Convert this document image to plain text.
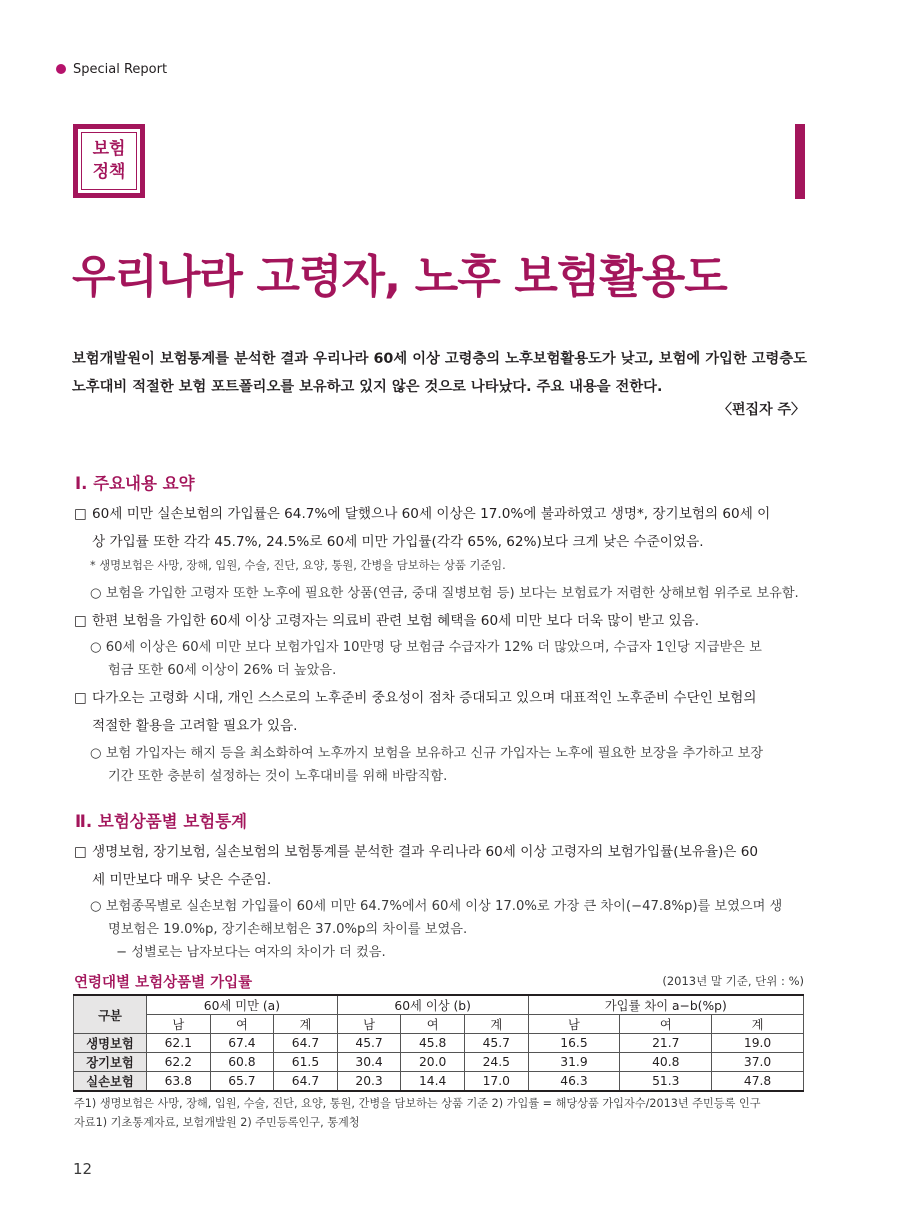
Special Report
보험
정책
우리나라 고령자, 노후 보험활용도
보험개발원이 보험통계를 분석한 결과 우리나라 60세 이상 고령층의 노후보험활용도가 낮고, 보험에 가입한 고령층도 노후대비 적절한 보험 포트폴리오를 보유하고 있지 않은 것으로 나타났다. 주요 내용을 전한다.
〈편집자 주〉
Ⅰ. 주요내용 요약
□ 60세 미만 실손보험의 가입률은 64.7%에 달했으나 60세 이상은 17.0%에 불과하였고 생명*, 장기보험의 60세 이
상 가입률 또한 각각 45.7%, 24.5%로 60세 미만 가입률(각각 65%, 62%)보다 크게 낮은 수준이었음.
* 생명보험은 사망, 장해, 입원, 수술, 진단, 요양, 통원, 간병을 담보하는 상품 기준임.
○ 보험을 가입한 고령자 또한 노후에 필요한 상품(연금, 중대 질병보험 등) 보다는 보험료가 저렴한 상해보험 위주로 보유함.
□ 한편 보험을 가입한 60세 이상 고령자는 의료비 관련 보험 혜택을 60세 미만 보다 더욱 많이 받고 있음.
○ 60세 이상은 60세 미만 보다 보험가입자 10만명 당 보험금 수급자가 12% 더 많았으며, 수급자 1인당 지급받은 보
험금 또한 60세 이상이 26% 더 높았음.
□ 다가오는 고령화 시대, 개인 스스로의 노후준비 중요성이 점차 증대되고 있으며 대표적인 노후준비 수단인 보험의
적절한 활용을 고려할 필요가 있음.
○ 보험 가입자는 해지 등을 최소화하여 노후까지 보험을 보유하고 신규 가입자는 노후에 필요한 보장을 추가하고 보장
기간 또한 충분히 설정하는 것이 노후대비를 위해 바람직함.
Ⅱ. 보험상품별 보험통계
□ 생명보험, 장기보험, 실손보험의 보험통계를 분석한 결과 우리나라 60세 이상 고령자의 보험가입률(보유율)은 60
세 미만보다 매우 낮은 수준임.
○ 보험종목별로 실손보험 가입률이 60세 미만 64.7%에서 60세 이상 17.0%로 가장 큰 차이(−47.8%p)를 보였으며 생
명보험은 19.0%p, 장기손해보험은 37.0%p의 차이를 보였음.
− 성별로는 남자보다는 여자의 차이가 더 컸음.
연령대별 보험상품별 가입률	(2013년 말 기준, 단위 : %)
구분	60세 미만 (a)			60세 이상 (b)			가입률 차이 a−b(%p)		
	남	여	계	남	여	계	남	여	계
생명보험	62.1	67.4	64.7	45.7	45.8	45.7	16.5	21.7	19.0
장기보험	62.2	60.8	61.5	30.4	20.0	24.5	31.9	40.8	37.0
실손보험	63.8	65.7	64.7	20.3	14.4	17.0	46.3	51.3	47.8
주1) 생명보험은 사망, 장해, 입원, 수술, 진단, 요양, 통원, 간병을 담보하는 상품 기준 2) 가입률 = 해당상품 가입자수/2013년 주민등록 인구
자료1) 기초통계자료, 보험개발원 2) 주민등록인구, 통계청
12
